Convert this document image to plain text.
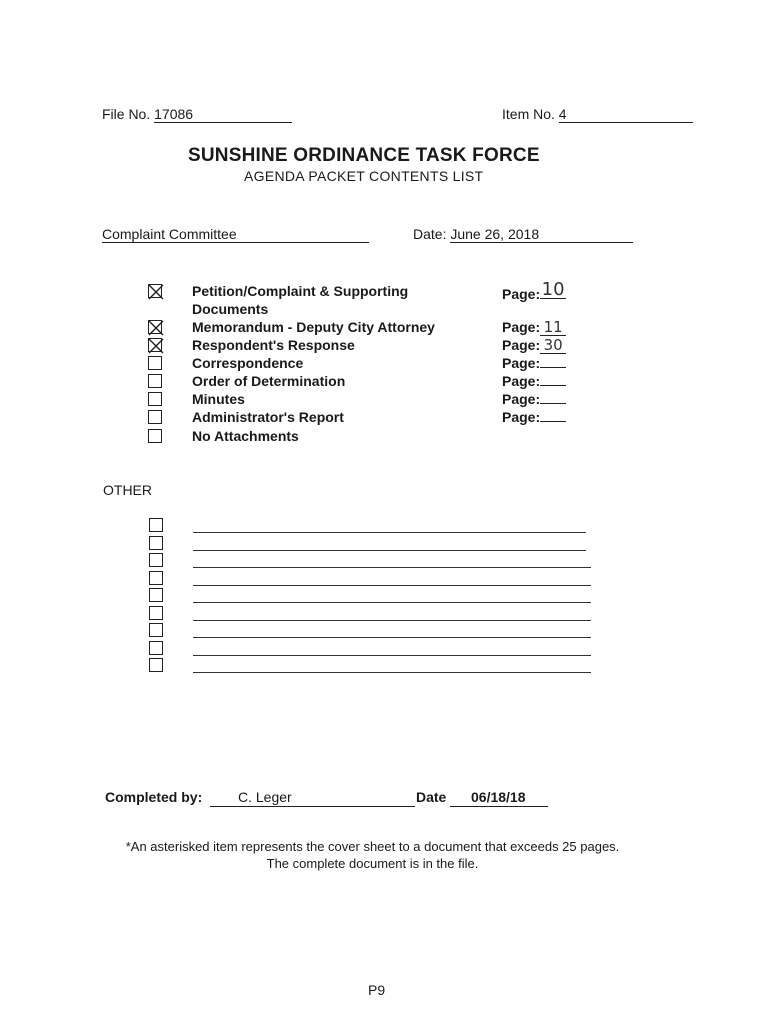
File No. 17086	Item No. 4
SUNSHINE ORDINANCE TASK FORCE
AGENDA PACKET CONTENTS LIST
Complaint Committee	Date: June 26, 2018
Petition/Complaint & Supporting
Documents
Page:10
Memorandum - Deputy City Attorney	Page: 11
Respondent's Response	Page: 30
Correspondence	Page:
Order of Determination	Page:
Minutes	Page:
Administrator's Report	Page:
No Attachments
OTHER
Completed by:	C. Leger	Date	06/18/18
*An asterisked item represents the cover sheet to a document that exceeds 25 pages.
The complete document is in the file.
P9
